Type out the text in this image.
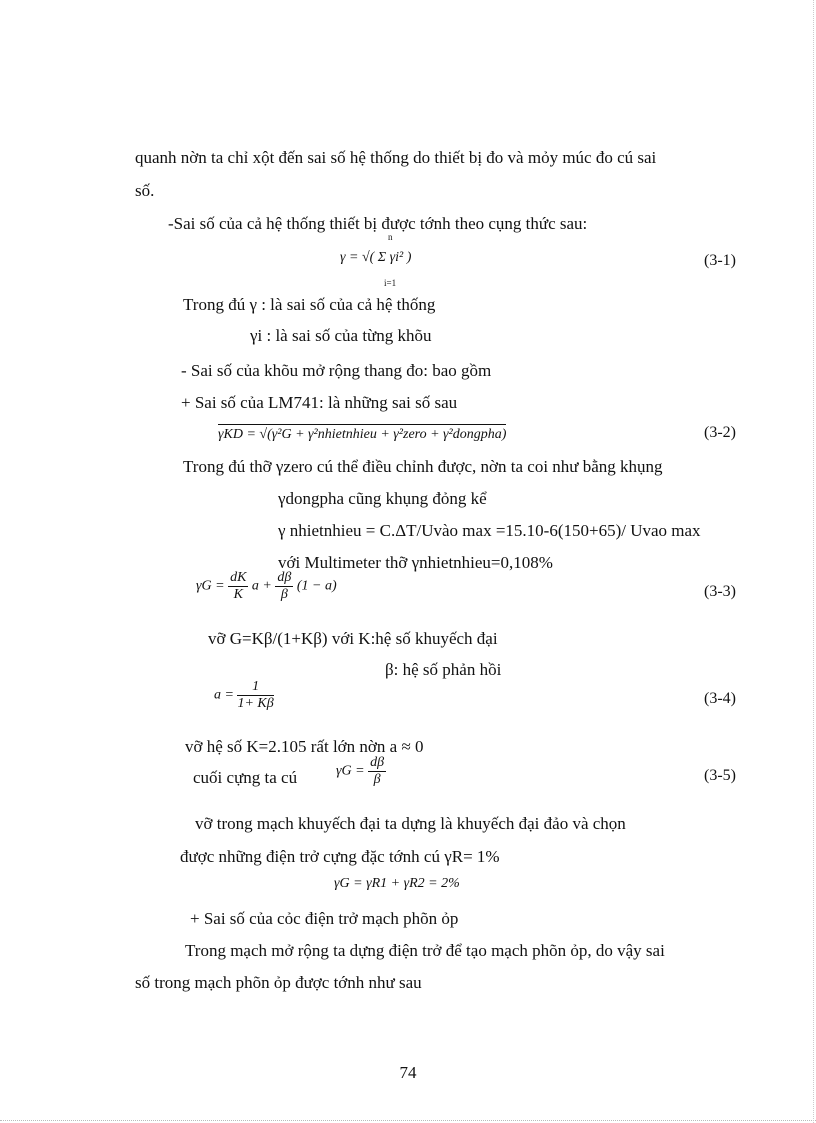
quanh nờn ta chỉ xột đến sai số hệ thống do thiết bị đo và mỏy múc đo cú sai
số.
-Sai số của cả hệ thống thiết bị được tớnh theo cụng thức sau:
n
γ = √( Σ γi² )
i=1
(3-1)
Trong đú γ : là sai số của cả hệ thống
γi : là sai số của từng khõu
- Sai số của khõu mở rộng thang đo: bao gồm
+ Sai số của LM741: là những sai số sau
γKD = √(γ²G + γ²nhietnhieu + γ²zero + γ²dongpha)	(3-2)
Trong đú thỡ γzero cú thể điều chỉnh được, nờn ta coi như bằng khụng
γdongpha cũng khụng đỏng kể
γ nhietnhieu = C.ΔT/Uvào max =15.10-6(150+65)/ Uvao max
với Multimeter thỡ γnhietnhieu=0,108%
$\gamma G = \frac{dK}{K}$ $a + \frac{d\beta}{\beta} (1 - a)$	(3-3)
vỡ G=Kβ/(1+Kβ) với K:hệ số khuyếch đại
β: hệ số phản hồi
$a = \frac{1}{1+ K\beta}$	(3-4)
vỡ hệ số K=2.105 rất lớn nờn a ≈ 0
cuối cựng ta cú	$\gamma G = \frac{d\beta}{\beta}$	(3-5)
vỡ trong mạch khuyếch đại ta dựng là khuyếch đại đảo và chọn
được những điện trở cựng đặc tớnh cú γR= 1%
γG = γR1 + γR2 = 2%
+ Sai số của cỏc điện trở mạch phõn ỏp
Trong mạch mở rộng ta dựng điện trở để tạo mạch phõn ỏp, do vậy sai
số trong mạch phõn ỏp được tớnh như sau
74
